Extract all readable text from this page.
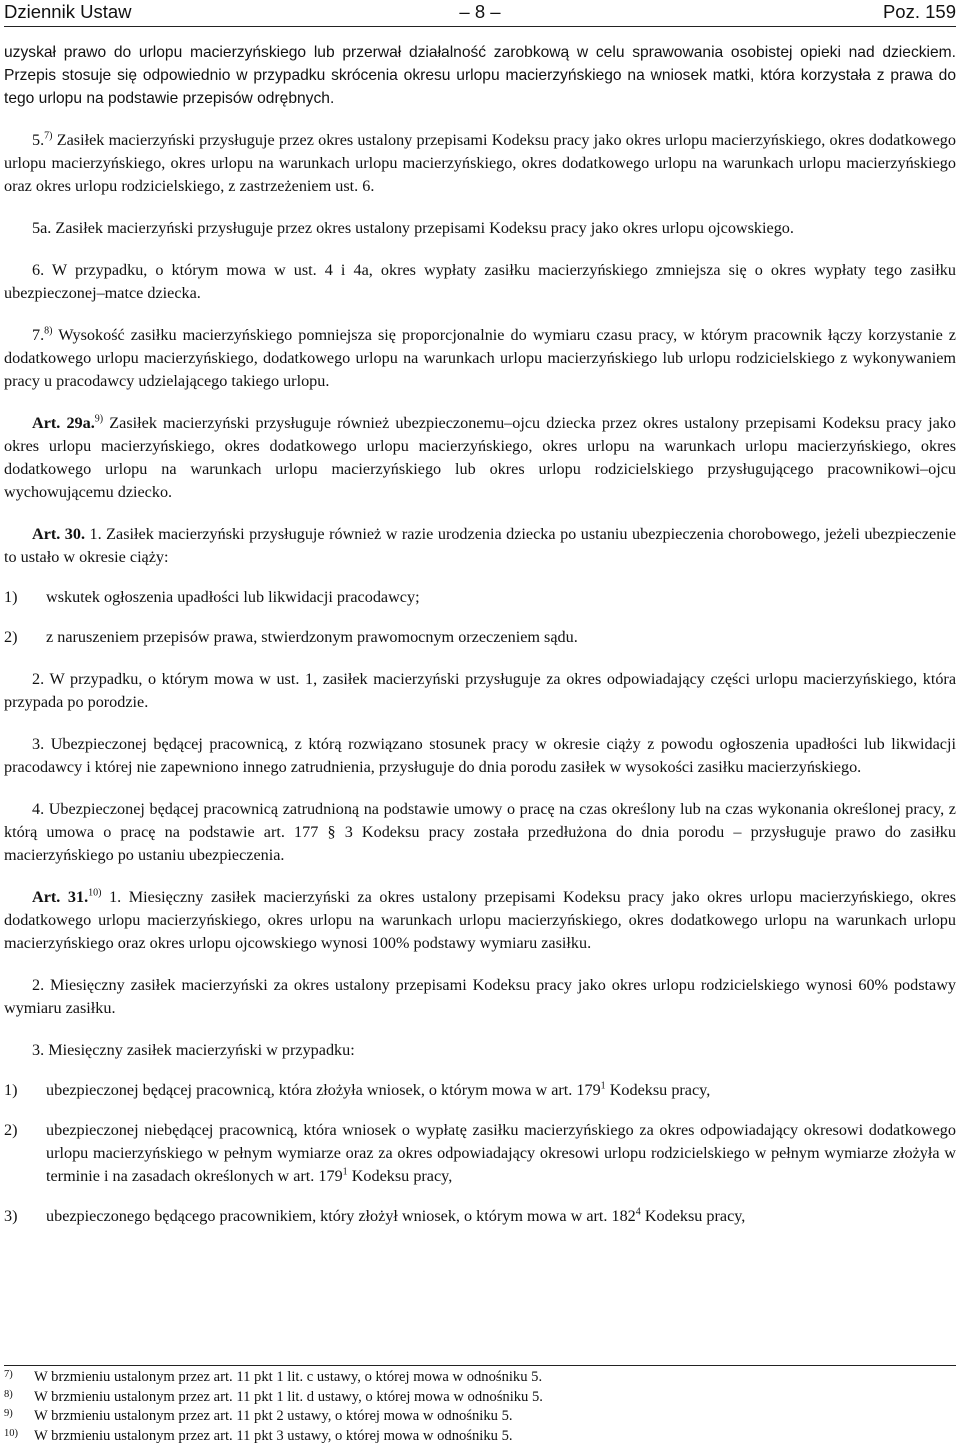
Dziennik Ustaw	– 8 –	Poz. 159

uzyskał prawo do urlopu macierzyńskiego lub przerwał działalność zarobkową w celu sprawowania osobistej opieki nad dzieckiem. Przepis stosuje się odpowiednio w przypadku skrócenia okresu urlopu macierzyńskiego na wniosek matki, która korzystała z prawa do tego urlopu na podstawie przepisów odrębnych.

5.$^{7)}$ Zasiłek macierzyński przysługuje przez okres ustalony przepisami Kodeksu pracy jako okres urlopu macierzyńskiego, okres dodatkowego urlopu macierzyńskiego, okres urlopu na warunkach urlopu macierzyńskiego, okres dodatkowego urlopu na warunkach urlopu macierzyńskiego oraz okres urlopu rodzicielskiego, z zastrzeżeniem ust. 6.

5a. Zasiłek macierzyński przysługuje przez okres ustalony przepisami Kodeksu pracy jako okres urlopu ojcowskiego.

6. W przypadku, o którym mowa w ust. 4 i 4a, okres wypłaty zasiłku macierzyńskiego zmniejsza się o okres wypłaty tego zasiłku ubezpieczonej–matce dziecka.

7.$^{8)}$ Wysokość zasiłku macierzyńskiego pomniejsza się proporcjonalnie do wymiaru czasu pracy, w którym pracownik łączy korzystanie z dodatkowego urlopu macierzyńskiego, dodatkowego urlopu na warunkach urlopu macierzyńskiego lub urlopu rodzicielskiego z wykonywaniem pracy u pracodawcy udzielającego takiego urlopu.

Art. 29a.$^{9)}$ Zasiłek macierzyński przysługuje również ubezpieczonemu–ojcu dziecka przez okres ustalony przepisami Kodeksu pracy jako okres urlopu macierzyńskiego, okres dodatkowego urlopu macierzyńskiego, okres urlopu na warunkach urlopu macierzyńskiego, okres dodatkowego urlopu na warunkach urlopu macierzyńskiego lub okres urlopu rodzicielskiego przysługującego pracownikowi–ojcu wychowującemu dziecko.

Art. 30. 1. Zasiłek macierzyński przysługuje również w razie urodzenia dziecka po ustaniu ubezpieczenia chorobowego, jeżeli ubezpieczenie to ustało w okresie ciąży:

1)	wskutek ogłoszenia upadłości lub likwidacji pracodawcy;
2)	z naruszeniem przepisów prawa, stwierdzonym prawomocnym orzeczeniem sądu.

2. W przypadku, o którym mowa w ust. 1, zasiłek macierzyński przysługuje za okres odpowiadający części urlopu macierzyńskiego, która przypada po porodzie.

3. Ubezpieczonej będącej pracownicą, z którą rozwiązano stosunek pracy w okresie ciąży z powodu ogłoszenia upadłości lub likwidacji pracodawcy i której nie zapewniono innego zatrudnienia, przysługuje do dnia porodu zasiłek w wysokości zasiłku macierzyńskiego.

4. Ubezpieczonej będącej pracownicą zatrudnioną na podstawie umowy o pracę na czas określony lub na czas wykonania określonej pracy, z którą umowa o pracę na podstawie art. 177 § 3 Kodeksu pracy została przedłużona do dnia porodu – przysługuje prawo do zasiłku macierzyńskiego po ustaniu ubezpieczenia.

Art. 31.$^{10)}$ 1. Miesięczny zasiłek macierzyński za okres ustalony przepisami Kodeksu pracy jako okres urlopu macierzyńskiego, okres dodatkowego urlopu macierzyńskiego, okres urlopu na warunkach urlopu macierzyńskiego, okres dodatkowego urlopu na warunkach urlopu macierzyńskiego oraz okres urlopu ojcowskiego wynosi 100% podstawy wymiaru zasiłku.

2. Miesięczny zasiłek macierzyński za okres ustalony przepisami Kodeksu pracy jako okres urlopu rodzicielskiego wynosi 60% podstawy wymiaru zasiłku.

3. Miesięczny zasiłek macierzyński w przypadku:

1)	ubezpieczonej będącej pracownicą, która złożyła wniosek, o którym mowa w art. $179^1$ Kodeksu pracy,
2)	ubezpieczonej niebędącej pracownicą, która wniosek o wypłatę zasiłku macierzyńskiego za okres odpowiadający okresowi dodatkowego urlopu macierzyńskiego w pełnym wymiarze oraz za okres odpowiadający okresowi urlopu rodzicielskiego w pełnym wymiarze złożyła w terminie i na zasadach określonych w art. $179^1$ Kodeksu pracy,
3)	ubezpieczonego będącego pracownikiem, który złożył wniosek, o którym mowa w art. $182^4$ Kodeksu pracy,
7)	W brzmieniu ustalonym przez art. 11 pkt 1 lit. c ustawy, o której mowa w odnośniku 5.
8)	W brzmieniu ustalonym przez art. 11 pkt 1 lit. d ustawy, o której mowa w odnośniku 5.
9)	W brzmieniu ustalonym przez art. 11 pkt 2 ustawy, o której mowa w odnośniku 5.
10)	W brzmieniu ustalonym przez art. 11 pkt 3 ustawy, o której mowa w odnośniku 5.
